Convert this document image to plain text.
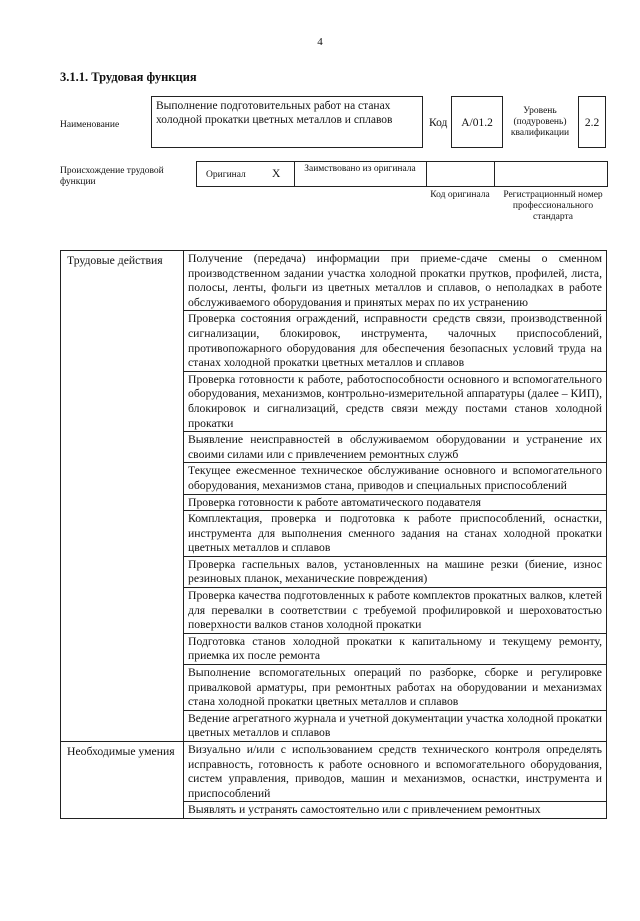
4
3.1.1. Трудовая функция
Наименование
Выполнение подготовительных работ на станах холодной прокатки цветных металлов и сплавов	Код	A/01.2
Уровень (подуровень) квалификации
2.2
Происхождение трудовой функции
Оригинал X	Заимствовано из оригинала
Код оригинала	Регистрационный номер профессионального стандарта
Трудовые действия	Получение (передача) информации при приеме-сдаче смены о сменном производственном задании участка холодной прокатки прутков, профилей, листа, полосы, ленты, фольги из цветных металлов и сплавов, о неполадках в работе обслуживаемого оборудования и принятых мерах по их устранению
	Проверка состояния ограждений, исправности средств связи, производственной сигнализации, блокировок, инструмента, чалочных приспособлений, противопожарного оборудования для обеспечения безопасных условий труда на станах холодной прокатки цветных металлов и сплавов
	Проверка готовности к работе, работоспособности основного и вспомогательного оборудования, механизмов, контрольно-измерительной аппаратуры (далее – КИП), блокировок и сигнализаций, средств связи между постами станов холодной прокатки
	Выявление неисправностей в обслуживаемом оборудовании и устранение их своими силами или с привлечением ремонтных служб
	Текущее ежесменное техническое обслуживание основного и вспомогательного оборудования, механизмов стана, приводов и специальных приспособлений
	Проверка готовности к работе автоматического подавателя
	Комплектация, проверка и подготовка к работе приспособлений, оснастки, инструмента для выполнения сменного задания на станах холодной прокатки цветных металлов и сплавов
	Проверка гаспельных валов, установленных на машине резки (биение, износ резиновых планок, механические повреждения)
	Проверка качества подготовленных к работе комплектов прокатных валков, клетей для перевалки в соответствии с требуемой профилировкой и шероховатостью поверхности валков станов холодной прокатки
	Подготовка станов холодной прокатки к капитальному и текущему ремонту, приемка их после ремонта
	Выполнение вспомогательных операций по разборке, сборке и регулировке привалковой арматуры, при ремонтных работах на оборудовании и механизмах стана холодной прокатки цветных металлов и сплавов
	Ведение агрегатного журнала и учетной документации участка холодной прокатки цветных металлов и сплавов
Необходимые умения	Визуально и/или с использованием средств технического контроля определять исправность, готовность к работе основного и вспомогательного оборудования, систем управления, приводов, машин и механизмов, оснастки, инструмента и приспособлений
	Выявлять и устранять самостоятельно или с привлечением ремонтных
